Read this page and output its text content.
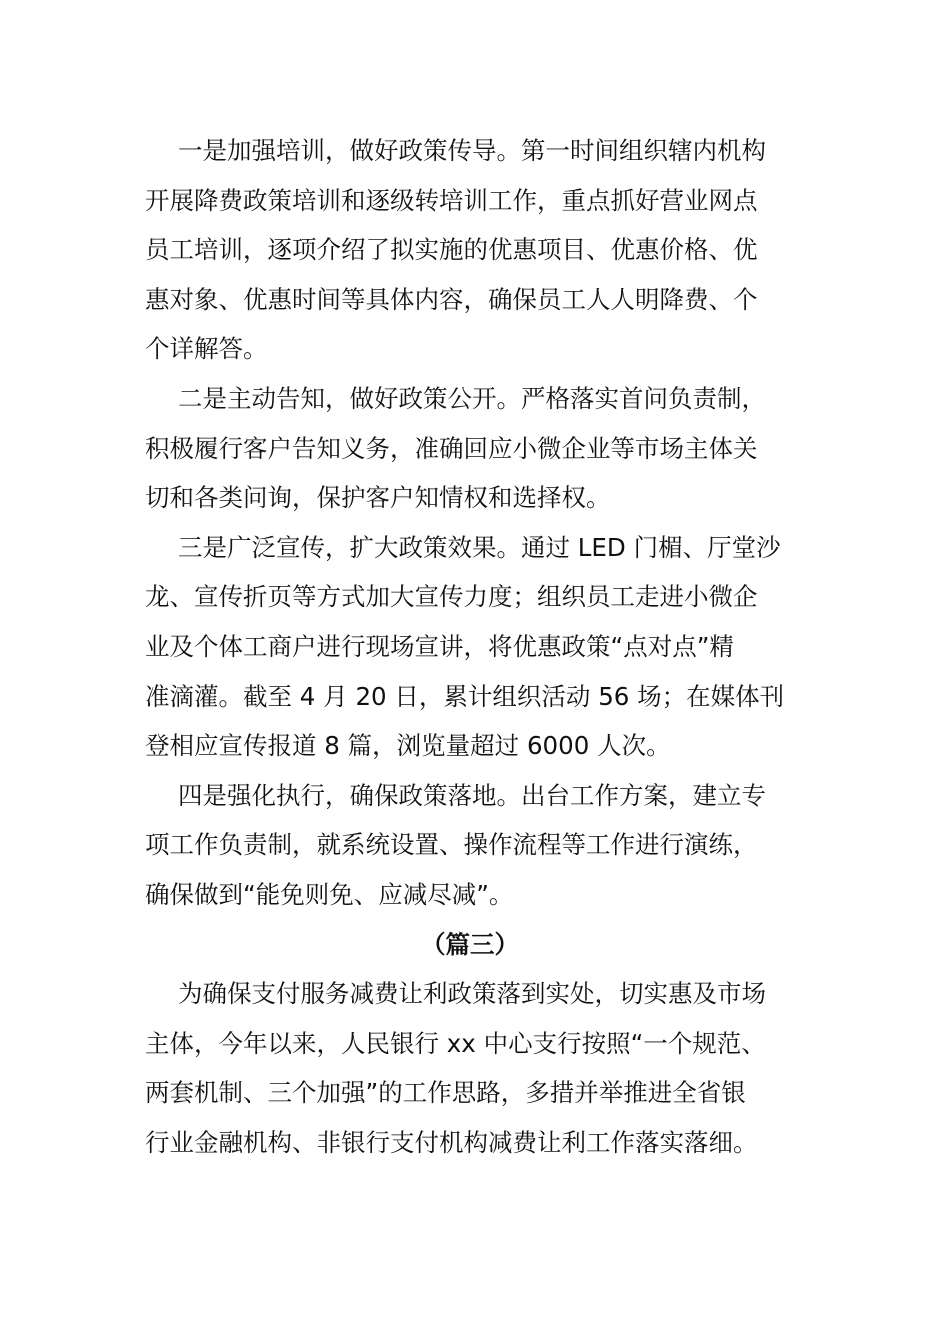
一是加强培训，做好政策传导。第一时间组织辖内机构
开展降费政策培训和逐级转培训工作，重点抓好营业网点
员工培训，逐项介绍了拟实施的优惠项目、优惠价格、优
惠对象、优惠时间等具体内容，确保员工人人明降费、个
个详解答。
二是主动告知，做好政策公开。严格落实首问负责制，
积极履行客户告知义务，准确回应小微企业等市场主体关
切和各类问询，保护客户知情权和选择权。
三是广泛宣传，扩大政策效果。通过 LED 门楣、厅堂沙
龙、宣传折页等方式加大宣传力度；组织员工走进小微企
业及个体工商户进行现场宣讲，将优惠政策“点对点”精
准滴灌。截至 4 月 20 日，累计组织活动 56 场；在媒体刊
登相应宣传报道 8 篇，浏览量超过 6000 人次。
四是强化执行，确保政策落地。出台工作方案，建立专
项工作负责制，就系统设置、操作流程等工作进行演练，
确保做到“能免则免、应减尽减”。
（篇三）
为确保支付服务减费让利政策落到实处，切实惠及市场
主体，今年以来，人民银行 xx 中心支行按照“一个规范、
两套机制、三个加强”的工作思路，多措并举推进全省银
行业金融机构、非银行支付机构减费让利工作落实落细。
